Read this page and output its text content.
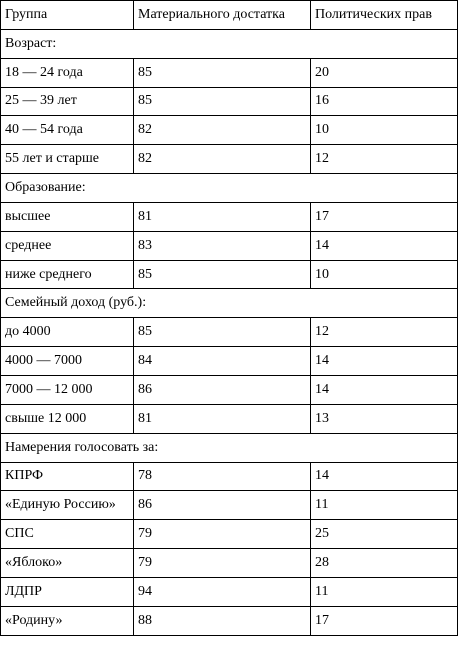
Группа	Материального достатка	Политических прав
Возраст:		
18 — 24 года	85	20
25 — 39 лет	85	16
40 — 54 года	82	10
55 лет и старше	82	12
Образование:		
высшее	81	17
среднее	83	14
ниже среднего	85	10
Семейный доход (руб.):		
до 4000	85	12
4000 — 7000	84	14
7000 — 12 000	86	14
свыше 12 000	81	13
Намерения голосовать за:		
КПРФ	78	14
«Единую Россию»	86	11
СПС	79	25
«Яблоко»	79	28
ЛДПР	94	11
«Родину»	88	17
